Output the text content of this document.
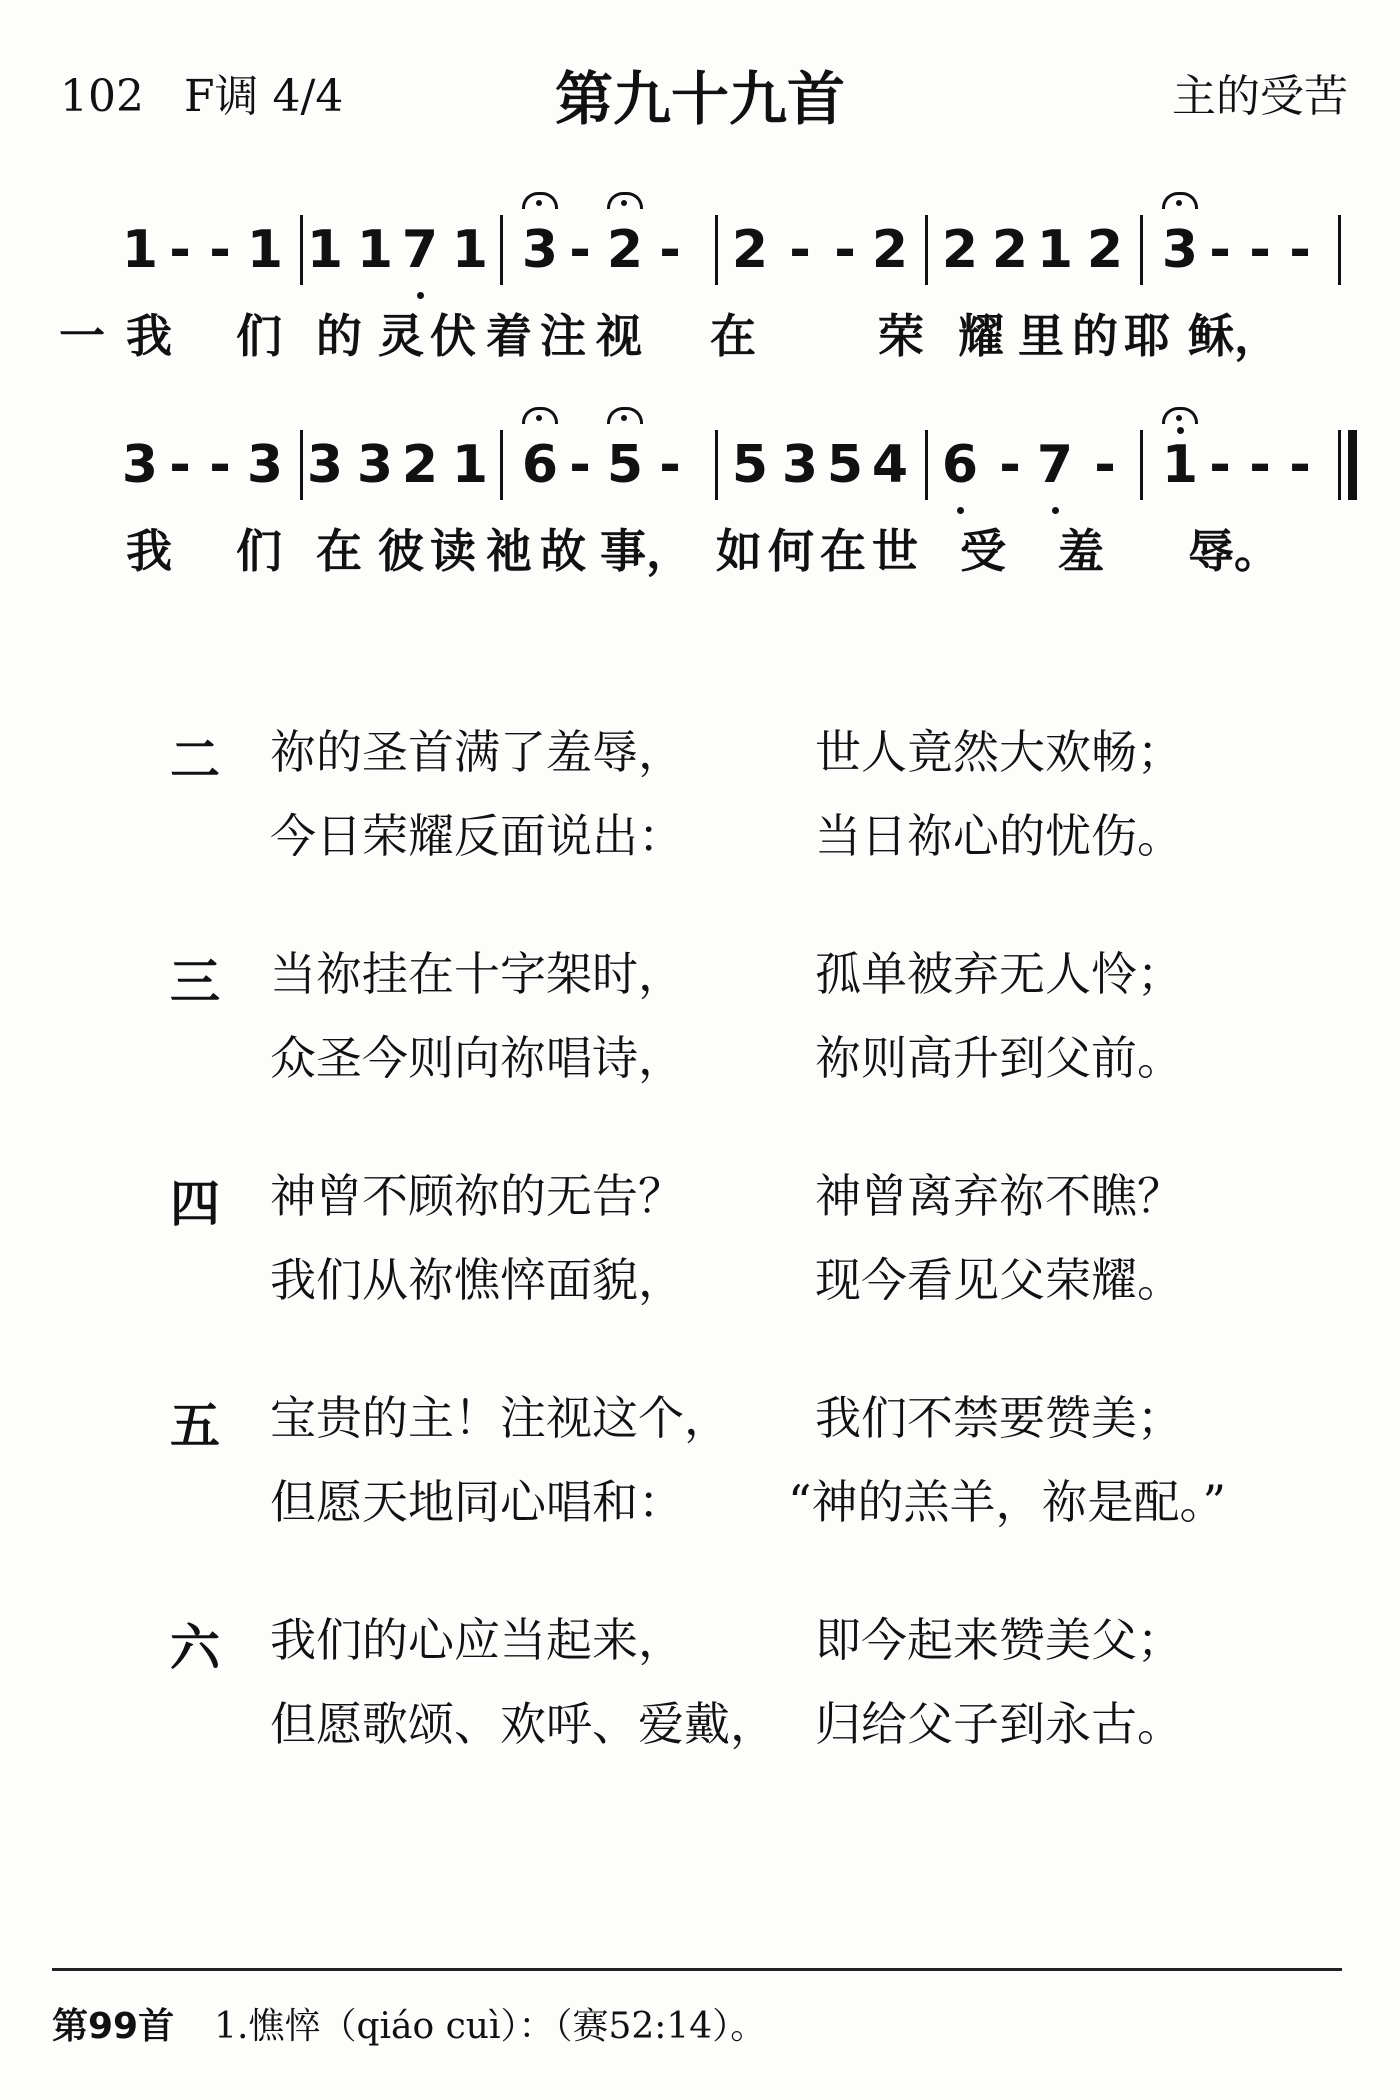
102 F调 4/4	第九十九首	主的受苦
1 - - 1 1 1 7 1 3 - 2 - 2 - - 2 2 2 1 2 3 - - -
一 我	们 的 灵 伏 着 注 视	在	荣 耀 里 的 耶 稣，
3 - - 3 3 3 2 1 6 - 5 - 5 3 5 4 6 - 7 - 1 - - -
我	们 在 彼 读 祂 故 事， 如 何 在 世 受	羞	辱。
二 祢的圣首满了羞辱，	世人竟然大欢畅；
今日荣耀反面说出：	当日祢心的忧伤。
三 当祢挂在十字架时，	孤单被弃无人怜；
众圣今则向祢唱诗，	祢则高升到父前。
四 神曾不顾祢的无告？	神曾离弃祢不瞧？
我们从祢憔悴面貌，	现今看见父荣耀。
五 宝贵的主！注视这个， 我们不禁要赞美；
但愿天地同心唱和： “神的羔羊，祢是配。”
六 我们的心应当起来，	即今起来赞美父；
但愿歌颂、欢呼、爱戴， 归给父子到永古。
第99首 1.憔悴（qiáo cuì）：（赛52:14）。
